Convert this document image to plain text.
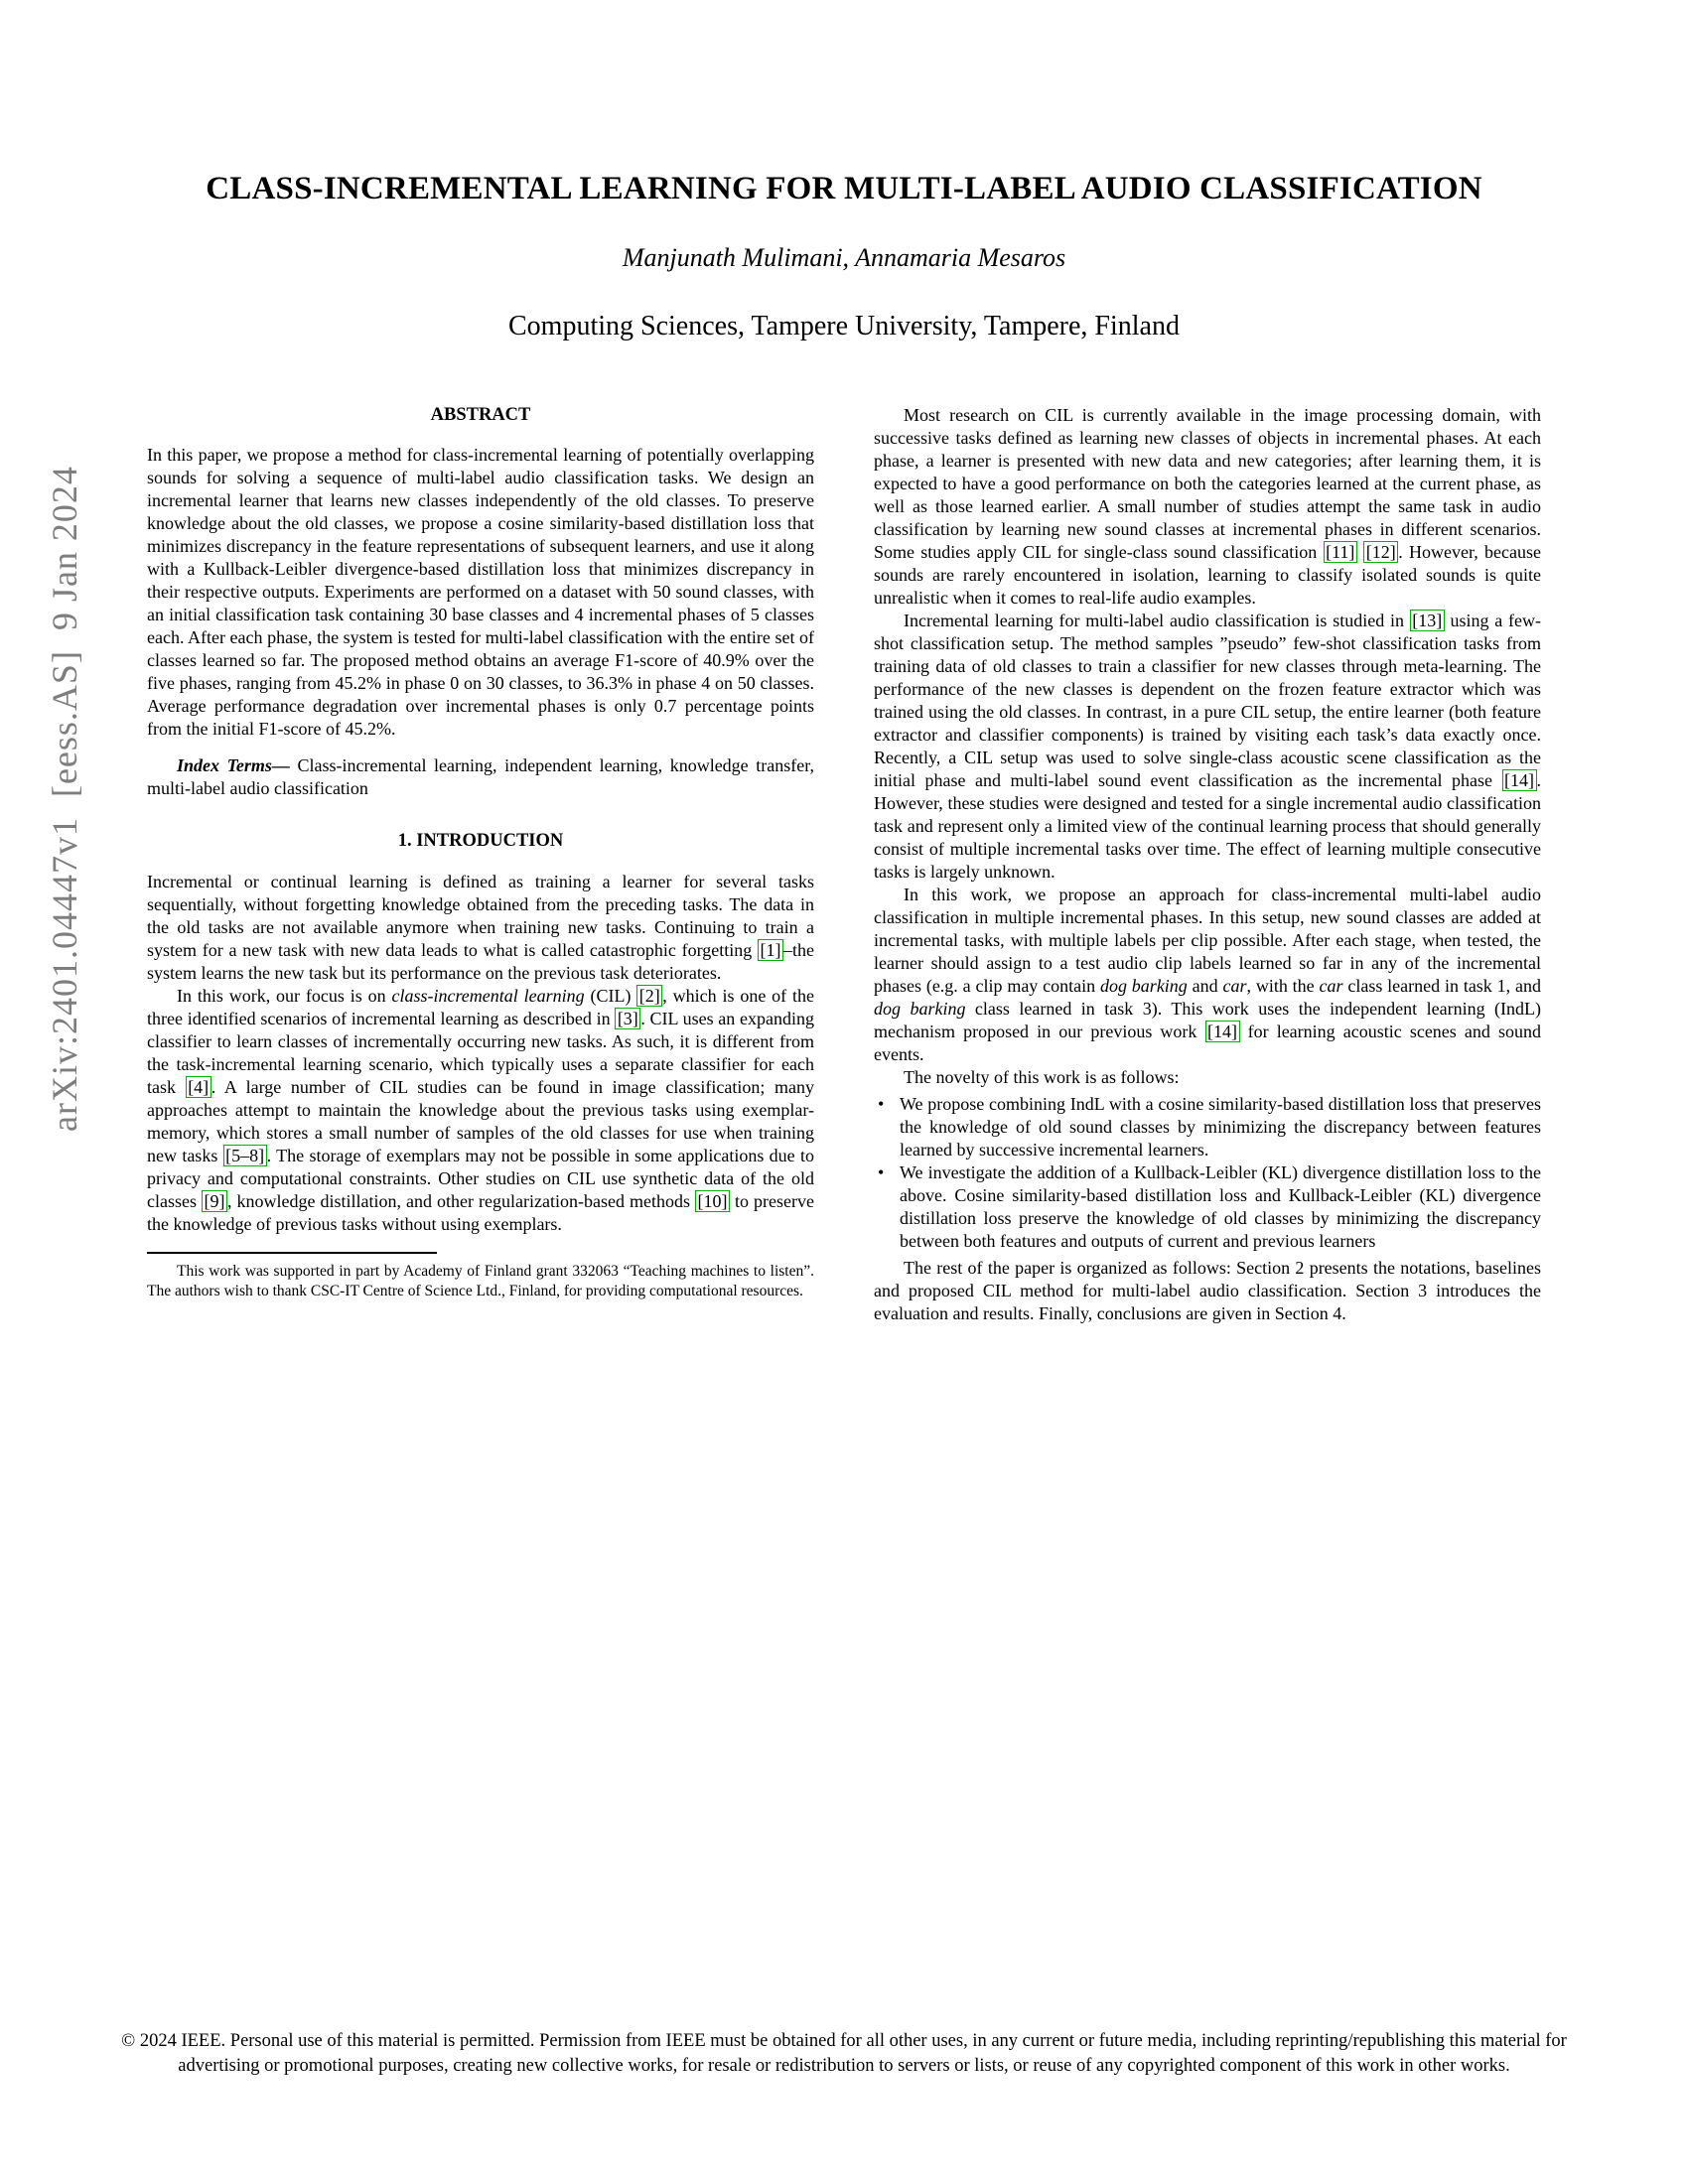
arXiv:2401.04447v1  [eess.AS]  9 Jan 2024
CLASS-INCREMENTAL LEARNING FOR MULTI-LABEL AUDIO CLASSIFICATION
Manjunath Mulimani, Annamaria Mesaros
Computing Sciences, Tampere University, Tampere, Finland
ABSTRACT

In this paper, we propose a method for class-incremental learning of potentially overlapping sounds for solving a sequence of multi-label audio classification tasks. We design an incremental learner that learns new classes independently of the old classes. To preserve knowledge about the old classes, we propose a cosine similarity-based distillation loss that minimizes discrepancy in the feature representations of subsequent learners, and use it along with a Kullback-Leibler divergence-based distillation loss that minimizes discrepancy in their respective outputs. Experiments are performed on a dataset with 50 sound classes, with an initial classification task containing 30 base classes and 4 incremental phases of 5 classes each. After each phase, the system is tested for multi-label classification with the entire set of classes learned so far. The proposed method obtains an average F1-score of 40.9% over the five phases, ranging from 45.2% in phase 0 on 30 classes, to 36.3% in phase 4 on 50 classes. Average performance degradation over incremental phases is only 0.7 percentage points from the initial F1-score of 45.2%.

Index Terms— Class-incremental learning, independent learning, knowledge transfer, multi-label audio classification

1. INTRODUCTION

Incremental or continual learning is defined as training a learner for several tasks sequentially, without forgetting knowledge obtained from the preceding tasks. The data in the old tasks are not available anymore when training new tasks. Continuing to train a system for a new task with new data leads to what is called catastrophic forgetting [1] –the system learns the new task but its performance on the previous task deteriorates.

In this work, our focus is on class-incremental learning (CIL) [2] , which is one of the three identified scenarios of incremental learning as described in [3] . CIL uses an expanding classifier to learn classes of incrementally occurring new tasks. As such, it is different from the task-incremental learning scenario, which typically uses a separate classifier for each task [4] . A large number of CIL studies can be found in image classification; many approaches attempt to maintain the knowledge about the previous tasks using exemplar-memory, which stores a small number of samples of the old classes for use when training new tasks [5–8] . The storage of exemplars may not be possible in some applications due to privacy and computational constraints. Other studies on CIL use synthetic data of the old classes [9] , knowledge distillation, and other regularization-based methods [10] to preserve the knowledge of previous tasks without using exemplars.

This work was supported in part by Academy of Finland grant 332063 “Teaching machines to listen”. The authors wish to thank CSC-IT Centre of Science Ltd., Finland, for providing computational resources.

Most research on CIL is currently available in the image processing domain, with successive tasks defined as learning new classes of objects in incremental phases. At each phase, a learner is presented with new data and new categories; after learning them, it is expected to have a good performance on both the categories learned at the current phase, as well as those learned earlier. A small number of studies attempt the same task in audio classification by learning new sound classes at incremental phases in different scenarios. Some studies apply CIL for single-class sound classification [11] [12] . However, because sounds are rarely encountered in isolation, learning to classify isolated sounds is quite unrealistic when it comes to real-life audio examples.

Incremental learning for multi-label audio classification is studied in [13] using a few-shot classification setup. The method samples ”pseudo” few-shot classification tasks from training data of old classes to train a classifier for new classes through meta-learning. The performance of the new classes is dependent on the frozen feature extractor which was trained using the old classes. In contrast, in a pure CIL setup, the entire learner (both feature extractor and classifier components) is trained by visiting each task’s data exactly once. Recently, a CIL setup was used to solve single-class acoustic scene classification as the initial phase and multi-label sound event classification as the incremental phase [14] . However, these studies were designed and tested for a single incremental audio classification task and represent only a limited view of the continual learning process that should generally consist of multiple incremental tasks over time. The effect of learning multiple consecutive tasks is largely unknown.

In this work, we propose an approach for class-incremental multi-label audio classification in multiple incremental phases. In this setup, new sound classes are added at incremental tasks, with multiple labels per clip possible. After each stage, when tested, the learner should assign to a test audio clip labels learned so far in any of the incremental phases (e.g. a clip may contain dog barking and car, with the car class learned in task 1, and dog barking class learned in task 3). This work uses the independent learning (IndL) mechanism proposed in our previous work [14] for learning acoustic scenes and sound events.

The novelty of this work is as follows:

• We propose combining IndL with a cosine similarity-based distillation loss that preserves the knowledge of old sound classes by minimizing the discrepancy between features learned by successive incremental learners.
• We investigate the addition of a Kullback-Leibler (KL) divergence distillation loss to the above. Cosine similarity-based distillation loss and Kullback-Leibler (KL) divergence distillation loss preserve the knowledge of old classes by minimizing the discrepancy between both features and outputs of current and previous learners

The rest of the paper is organized as follows: Section 2 presents the notations, baselines and proposed CIL method for multi-label audio classification. Section 3 introduces the evaluation and results. Finally, conclusions are given in Section 4.

© 2024 IEEE. Personal use of this material is permitted. Permission from IEEE must be obtained for all other uses, in any current or future media, including reprinting/republishing this material for advertising or promotional purposes, creating new collective works, for resale or redistribution to servers or lists, or reuse of any copyrighted component of this work in other works.
